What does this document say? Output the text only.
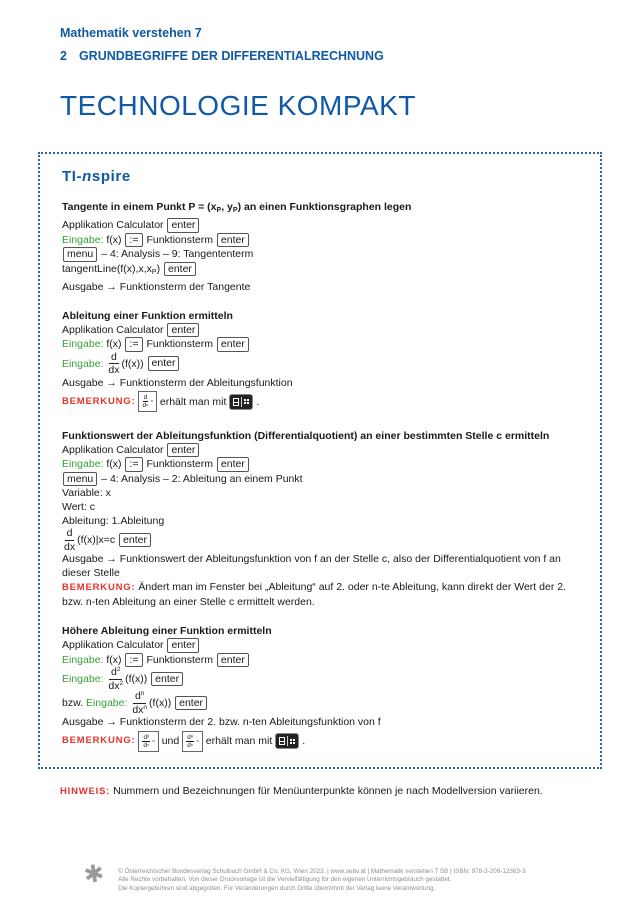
Mathematik verstehen 7
2 GRUNDBEGRIFFE DER DIFFERENTIALRECHNUNG
TECHNOLOGIE KOMPAKT
TI-nspire
Tangente in einem Punkt $P = (x_P$, $y_P$) an einen Funktionsgraphen legen
Applikation Calculator enter
Eingabe: f(x) := Funktionsterm enter
menu – 4: Analysis – 9: Tangententerm
$tangentLine(f(x),x,x_P)$ enter
Ausgabe → Funktionsterm der Tangente
Ableitung einer Funktion ermitteln
Applikation Calculator enter
Eingabe: f(x) := Funktionsterm enter
Eingabe:
$\frac{d}{dx} (f(x))$
enter
Ausgabe → Funktionsterm der Ableitungsfunktion
BEMERKUNG: $\frac{d}{d▫}$ ▫ erhält man mit	.
Funktionswert der Ableitungsfunktion (Differentialquotient) an einer bestimmten Stelle c ermitteln
Applikation Calculator enter
Eingabe: f(x) := Funktionsterm enter
menu – 4: Analysis – 2: Ableitung an einem Punkt
Variable: x
Wert: c
Ableitung: 1.Ableitung
$\frac{d}{dx} (f(x)|x=c$
enter
Ausgabe → Funktionswert der Ableitungsfunktion von f an der Stelle c, also der Differentialquotient von f an dieser Stelle
BEMERKUNG: Ändert man im Fenster bei „Ableitung“ auf 2. oder n-te Ableitung, kann direkt der Wert der 2. bzw. n-ten Ableitung an einer Stelle c ermittelt werden.
Höhere Ableitung einer Funktion ermitteln
Applikation Calculator enter
Eingabe: f(x) := Funktionsterm enter
Eingabe:
$\frac{d^2}{dx^2} (f(x))$
enter
bzw.
Eingabe:
$\frac{d^n}{dx^n} (f(x))$
enter
Ausgabe → Funktionsterm der 2. bzw. n-ten Ableitungsfunktion von f
BEMERKUNG: $\frac{\text{d²}}{d▫}$ ▫ und $\frac{\text{dⁿ}}{d▫}$ ▫ erhält man mit	.
HINWEIS: Nummern und Bezeichnungen für Menüunterpunkte können je nach Modellversion variieren.
✱ © Österreichischer Bundesverlag Schulbuch GmbH & Co. KG, Wien 2023. | www.oebv.at | Mathematik verstehen 7 SB | ISBN: 978-3-209-12363-3
Alle Rechte vorbehalten. Von dieser Druckvorlage ist die Vervielfältigung für den eigenen Unterrichtsgebrauch gestattet.
Die Kopiergebühren sind abgegolten. Für Veränderungen durch Dritte übernimmt der Verlag keine Verantwortung.
